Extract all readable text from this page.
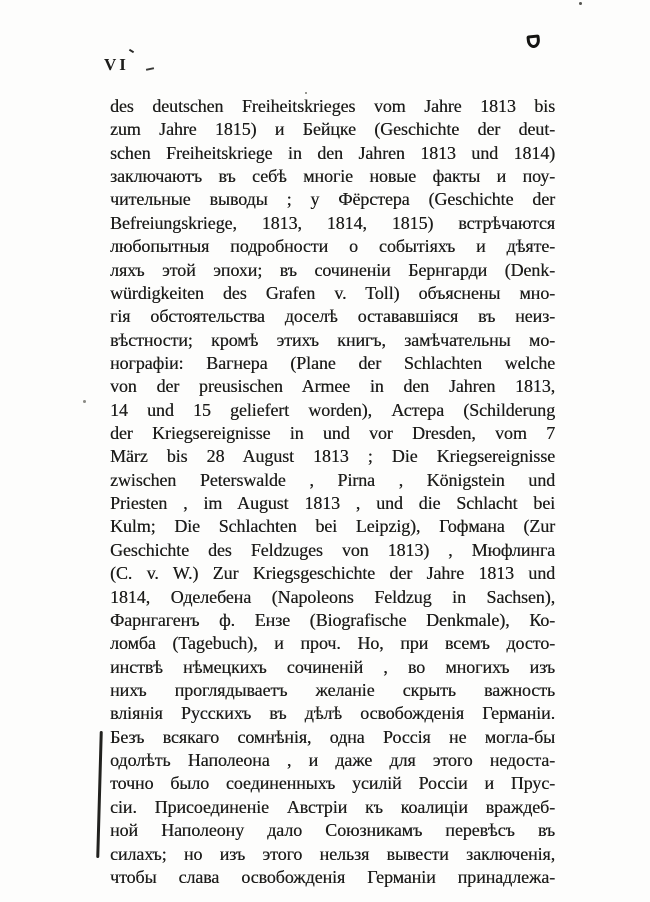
VI
des deutschen Freiheitskrieges vom Jahre 1813 bis
zum Jahre 1815) и Бейцке (Geschichte der deut-
schen Freiheitskriege in den Jahren 1813 und 1814)
заключаютъ въ себѣ многіе новые факты и поу-
чительные выводы ; у Фёрстера (Geschichte der
Befreiungskriege, 1813, 1814, 1815) встрѣчаются
любопытныя подробности о событіяхъ и дѣяте-
ляхъ этой эпохи; въ сочиненіи Бернгарди (Denk-
würdigkeiten des Grafen v. Toll) объяснены мно-
гія обстоятельства доселѣ остававшіяся въ неиз-
вѣстности; кромѣ этихъ книгъ, замѣчательны мо-
нографіи: Вагнера (Plane der Schlachten welche
von der preusischen Armee in den Jahren 1813,
14 und 15 geliefert worden), Астера (Schilderung
der Kriegsereignisse in und vor Dresden, vom 7
März bis 28 August 1813 ; Die Kriegsereignisse
zwischen Peterswalde , Pirna , Königstein und
Priesten , im August 1813 , und die Schlacht bei
Kulm; Die Schlachten bei Leipzig), Гофмана (Zur
Geschichte des Feldzuges von 1813) , Мюфлинга
(C. v. W.) Zur Kriegsgeschichte der Jahre 1813 und
1814, Оделебена (Napoleons Feldzug in Sachsen),
Фарнгагенъ ф. Ензе (Biografische Denkmale), Ко-
ломба (Tagebuch), и проч. Но, при всемъ досто-
инствѣ нѣмецкихъ сочиненій , во многихъ изъ
нихъ проглядываетъ желаніе скрыть важность
вліянія Русскихъ въ дѣлѣ освобожденія Германіи.
Безъ всякаго сомнѣнія, одна Россія не могла-бы
одолѣть Наполеона , и даже для этого недоста-
точно было соединенныхъ усилій Россіи и Прус-
сіи. Присоединеніе Австріи къ коалиціи враждеб-
ной Наполеону дало Союзникамъ перевѣсъ въ
силахъ; но изъ этого нельзя вывести заключенія,
чтобы слава освобожденія Германіи принадлежа-
